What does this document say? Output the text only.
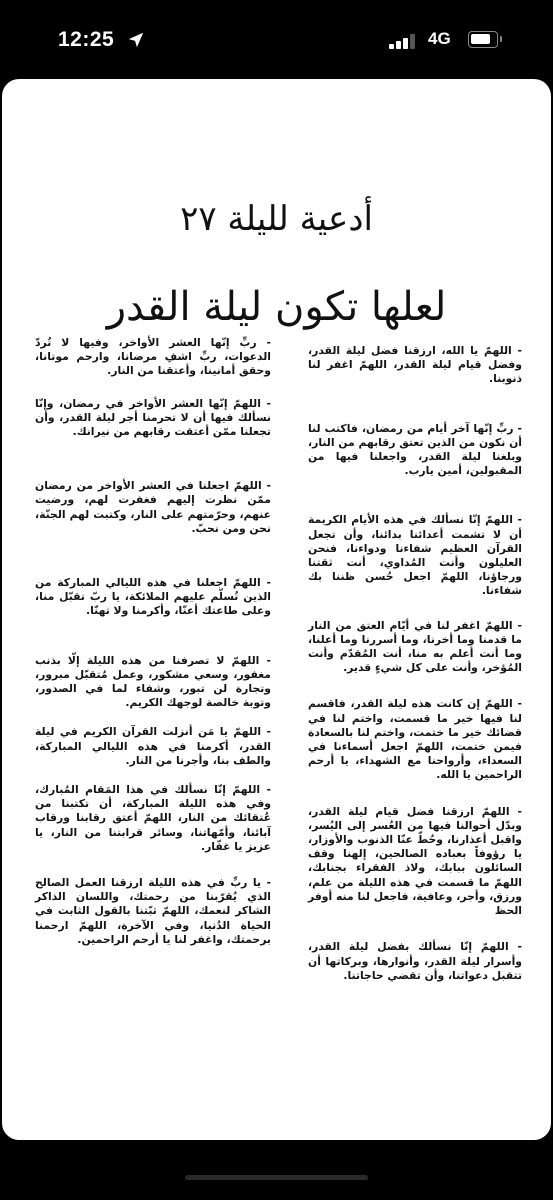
12:25	4G
أدعية لليلة ٢٧
لعلها تكون ليلة القدر

- اللهمّ يا الله، ارزقنا فضل ليلة القدر، وفضل قيام ليلة القدر، اللهمّ اغفر لنا ذنوبنا.

- ربِّ إنّها آخر أيام من رمضان، فاكتب لنا أن نكون من الذين تعتق رقابهم من النار، وبلغنا ليلة القدر، واجعلنا فيها من المقبولين، أمين يارب.

- اللهمّ إنّا نسألك في هذه الأيام الكريمة أن لا تشمت أعدائنا بدائنا، وأن تجعل القرآن العظيم شفاءنا ودواءنا، فنحن العليلون وأنت المُداوي، أنت ثقتنا ورجاؤنا، اللهمّ اجعل حُسن ظننا بك شفاءنا.

- اللهمّ اغفر لنا في أيّام العتق من النار ما قدمنا وما أخرنا، وما أسررنا وما أعلنا، وما أنت أعلم به منا، أنت المُقدّم وأنت المُؤخر، وأنت على كل شيءٍ قدير.

- اللهمّ إن كانت هذه ليلة القدر، فاقسم لنا فيها خير ما قسمت، واختم لنا في قضائك خير ما ختمت، واختم لنا بالسعادة فيمن ختمت، اللهمّ اجعل أسماءنا في السعداء، وأرواحنا مع الشهداء، يا أرحم الراحمين يا الله.

- اللهمّ ارزقنا فضل قيام ليلة القدر، وبدّل أحوالنا فيها من العُسر إلى اليُسر، واقبل أعذارنا، وحُطّ عنّا الذنوب والأوزار، يا رؤوفاً بعباده الصالحين، إلهنا وقف السائلون ببابك، ولاذ الفقراء بجنابك، اللهمّ ما قسمت في هذه الليلة من علم، ورزق، وأجر، وعافية، فاجعل لنا منه أوفر الحظ

- اللهمّ إنّا نسألك بفضل ليلة القدر، وأسرار ليلة القدر، وأنوارها، وبركاتها أن تتقبل دعواتنا، وأن تقضي حاجاتنا.

- ربِّ إنّها العشر الأواخر، وفيها لا تُردّ الدعوات، ربِّ اشفِ مرضانا، وارحم موتانا، وحقق أمانينا، وأعتقنا من النار.

- اللهمّ إنّها العشر الأواخر في رمضان، وإنّا نسألك فيها أن لا تحرمنا أجر ليلة القدر، وأن تجعلنا ممّن أعتقت رقابهم من نيرانك.

- اللهمّ اجعلنا في العشر الأواخر من رمضان ممّن نظرت إليهم فغفرت لهم، ورضيت عنهم، وحرّمتهم على النار، وكتبت لهم الجنّة، نحن ومن نحبّ.

- اللهمّ اجعلنا في هذه الليالي المباركة من الذين تُسلّم عليهم الملائكة، يا ربّ تقبّل منا، وعلى طاعتك أعنّا، وأكرمنا ولا تهنّا.

- اللهمّ لا تصرفنا من هذه الليلة إلّا بذنب مغفور، وسعي مشكور، وعمل مُتقبّل مبرور، وتجارة لن تبور، وشفاء لما في الصدور، وتوبة خالصة لوجهك الكريم.

- اللهمّ يا مَن أنزلت القرآن الكريم في ليلة القدر، أكرمنا في هذه الليالي المباركة، والطف بنا، وأجرنا من النار.

- اللهمّ إنّا نسألك في هذا المَقام المُبارك، وفي هذه الليلة المباركة، أن تكتبنا من عُتقائك من النار، اللهمّ أعتق رقابنا ورقاب آبائنا، وأمّهاتنا، وسائر قرابتنا من النار، يا عزيز يا غفّار.

- يا ربِّ في هذه الليلة ارزقنا العمل الصالح الذي يُقرّبنا من رحمتك، واللسان الذاكر الشاكر لنعمك، اللهمّ ثبّتنا بالقول الثابت في الحياة الدُنيا، وفي الآخرة، اللهمّ ارحمنا برحمتك، واغفر لنا يا أرحم الراحمين.
